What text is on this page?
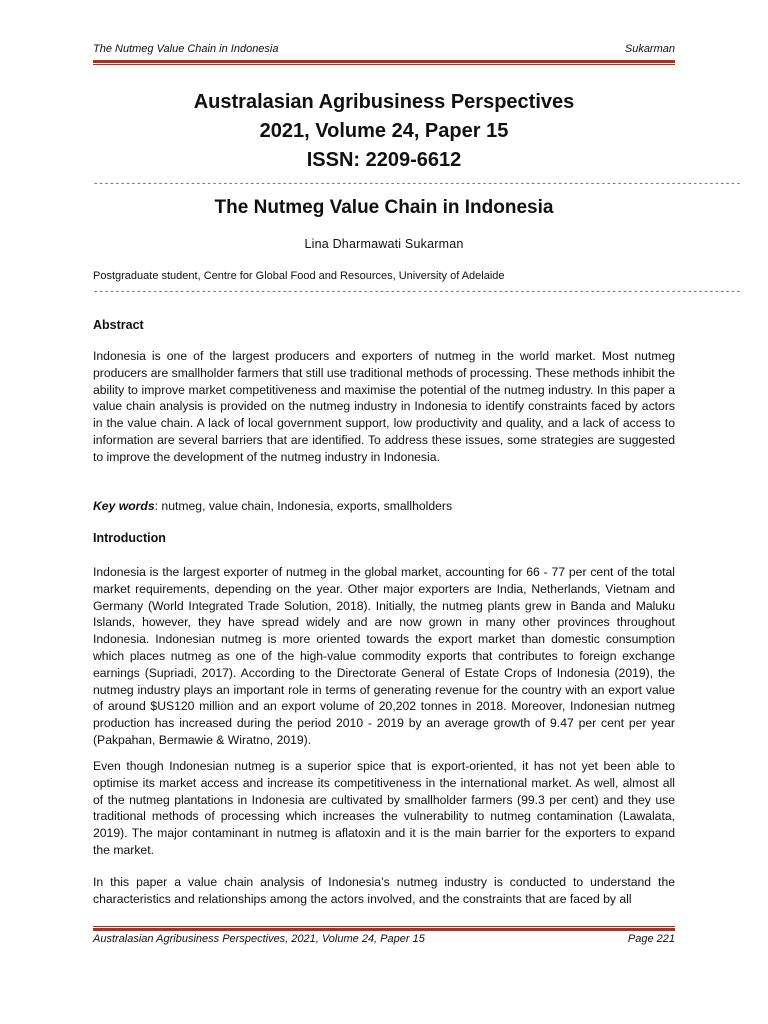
The Nutmeg Value Chain in Indonesia	Sukarman
Australasian Agribusiness Perspectives
2021, Volume 24, Paper 15
ISSN: 2209-6612
------------------------------------------------------------------------------------------------------------------------
The Nutmeg Value Chain in Indonesia
Lina Dharmawati Sukarman
Postgraduate student, Centre for Global Food and Resources, University of Adelaide
------------------------------------------------------------------------------------------------------------------------
Abstract

Indonesia is one of the largest producers and exporters of nutmeg in the world market. Most nutmeg producers are smallholder farmers that still use traditional methods of processing. These methods inhibit the ability to improve market competitiveness and maximise the potential of the nutmeg industry. In this paper a value chain analysis is provided on the nutmeg industry in Indonesia to identify constraints faced by actors in the value chain. A lack of local government support, low productivity and quality, and a lack of access to information are several barriers that are identified. To address these issues, some strategies are suggested to improve the development of the nutmeg industry in Indonesia.

Key words: nutmeg, value chain, Indonesia, exports, smallholders

Introduction

Indonesia is the largest exporter of nutmeg in the global market, accounting for 66 - 77 per cent of the total market requirements, depending on the year. Other major exporters are India, Netherlands, Vietnam and Germany (World Integrated Trade Solution, 2018). Initially, the nutmeg plants grew in Banda and Maluku Islands, however, they have spread widely and are now grown in many other provinces throughout Indonesia. Indonesian nutmeg is more oriented towards the export market than domestic consumption which places nutmeg as one of the high-value commodity exports that contributes to foreign exchange earnings (Supriadi, 2017). According to the Directorate General of Estate Crops of Indonesia (2019), the nutmeg industry plays an important role in terms of generating revenue for the country with an export value of around $US120 million and an export volume of 20,202 tonnes in 2018. Moreover, Indonesian nutmeg production has increased during the period 2010 - 2019 by an average growth of 9.47 per cent per year (Pakpahan, Bermawie & Wiratno, 2019).

Even though Indonesian nutmeg is a superior spice that is export-oriented, it has not yet been able to optimise its market access and increase its competitiveness in the international market. As well, almost all of the nutmeg plantations in Indonesia are cultivated by smallholder farmers (99.3 per cent) and they use traditional methods of processing which increases the vulnerability to nutmeg contamination (Lawalata, 2019). The major contaminant in nutmeg is aflatoxin and it is the main barrier for the exporters to expand the market.

In this paper a value chain analysis of Indonesia’s nutmeg industry is conducted to understand the characteristics and relationships among the actors involved, and the constraints that are faced by all

Australasian Agribusiness Perspectives, 2021, Volume 24, Paper 15	Page 221
